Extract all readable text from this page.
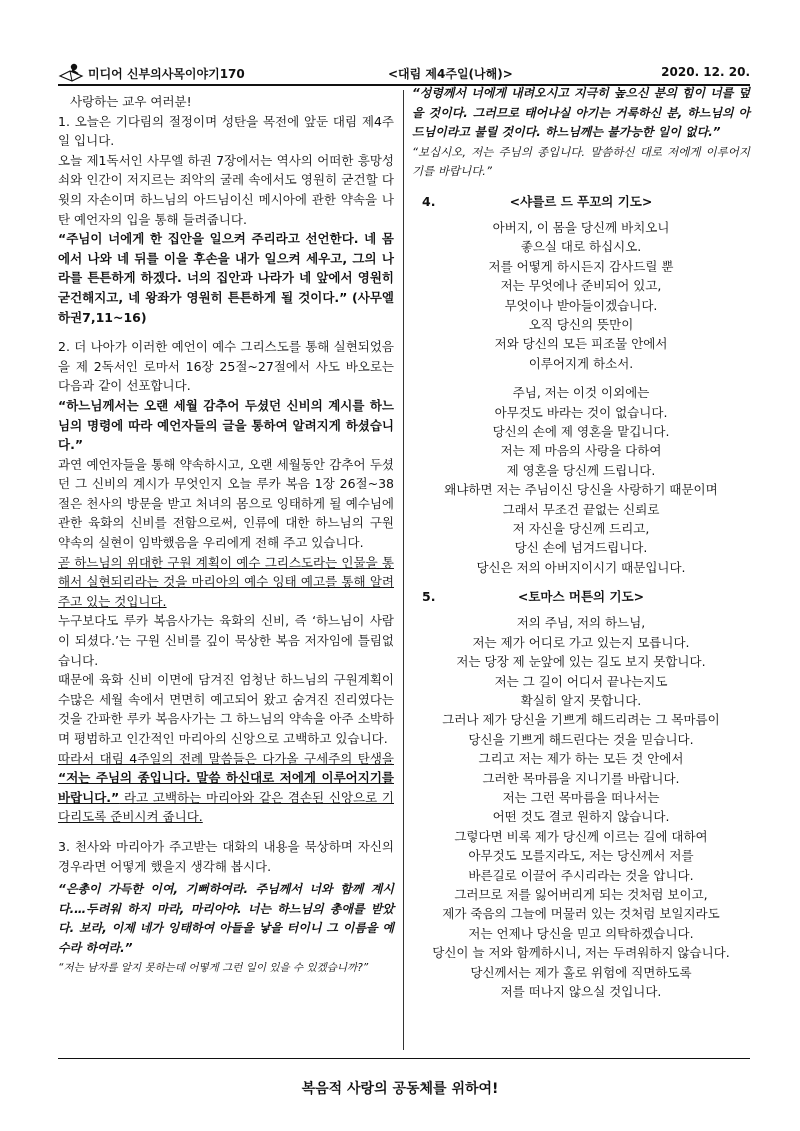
미디어 신부의사목이야기170	<대림 제4주일(나해)>	2020. 12. 20.

사랑하는 교우 여러분!

1. 오늘은 기다림의 절정이며 성탄을 목전에 앞둔 대림 제4주일 입니다.

오늘 제1독서인 사무엘 하권 7장에서는 역사의 어떠한 흥망성쇠와 인간이 저지르는 죄악의 굴레 속에서도 영원히 굳건할 다윗의 자손이며 하느님의 아드님이신 메시아에 관한 약속을 나탄 예언자의 입을 통해 들려줍니다.

“주님이 너에게 한 집안을 일으켜 주리라고 선언한다. 네 몸에서 나와 네 뒤를 이을 후손을 내가 일으켜 세우고, 그의 나라를 튼튼하게 하겠다. 너의 집안과 나라가 네 앞에서 영원히 굳건해지고, 네 왕좌가 영원히 튼튼하게 될 것이다.” (사무엘하권7,11~16)

2. 더 나아가 이러한 예언이 예수 그리스도를 통해 실현되었음을 제 2독서인 로마서 16장 25절~27절에서 사도 바오로는 다음과 같이 선포합니다.

“하느님께서는 오랜 세월 감추어 두셨던 신비의 계시를 하느님의 명령에 따라 예언자들의 글을 통하여 알려지게 하셨습니다.”

과연 예언자들을 통해 약속하시고, 오랜 세월동안 감추어 두셨던 그 신비의 계시가 무엇인지 오늘 루카 복음 1장 26절~38절은 천사의 방문을 받고 처녀의 몸으로 잉태하게 될 예수님에 관한 육화의 신비를 전함으로써, 인류에 대한 하느님의 구원 약속의 실현이 임박했음을 우리에게 전해 주고 있습니다.

곧 하느님의 위대한 구원 계획이 예수 그리스도라는 인물을 통해서 실현되리라는 것을 마리아의 예수 잉태 예고를 통해 알려주고 있는 것입니다.

누구보다도 루카 복음사가는 육화의 신비, 즉 ‘하느님이 사람이 되셨다.’는 구원 신비를 깊이 묵상한 복음 저자임에 틀림없습니다.

때문에 육화 신비 이면에 담겨진 엄청난 하느님의 구원계획이 수많은 세월 속에서 면면히 예고되어 왔고 숨겨진 진리였다는 것을 간파한 루카 복음사가는 그 하느님의 약속을 아주 소박하며 평범하고 인간적인 마리아의 신앙으로 고백하고 있습니다.

따라서 대림 4주일의 전례 말씀들은 다가올 구세주의 탄생을 “저는 주님의 종입니다. 말씀 하신대로 저에게 이루어지기를 바랍니다.” 라고 고백하는 마리아와 같은 겸손된 신앙으로 기다리도록 준비시켜 줍니다.

3. 천사와 마리아가 주고받는 대화의 내용을 묵상하며 자신의 경우라면 어떻게 했을지 생각해 봅시다.

“은총이 가득한 이여, 기뻐하여라. 주님께서 너와 함께 계시다.…두려워 하지 마라, 마리아야. 너는 하느님의 총애를 받았다. 보라, 이제 네가 잉태하여 아들을 낳을 터이니 그 이름을 예수라 하여라.”

“저는 남자를 알지 못하는데 어떻게 그런 일이 있을 수 있겠습니까?”

“성령께서 너에게 내려오시고 지극히 높으신 분의 힘이 너를 덮을 것이다. 그러므로 태어나실 아기는 거룩하신 분, 하느님의 아드님이라고 불릴 것이다. 하느님께는 불가능한 일이 없다.”

“보십시오, 저는 주님의 종입니다. 말씀하신 대로 저에게 이루어지기를 바랍니다.”

4.	<샤를르 드 푸꼬의 기도>
아버지, 이 몸을 당신께 바치오니
좋으실 대로 하십시오.
저를 어떻게 하시든지 감사드릴 뿐
저는 무엇에나 준비되어 있고,
무엇이나 받아들이겠습니다.
오직 당신의 뜻만이
저와 당신의 모든 피조물 안에서
이루어지게 하소서.
주님, 저는 이것 이외에는
아무것도 바라는 것이 없습니다.
당신의 손에 제 영혼을 맡깁니다.
저는 제 마음의 사랑을 다하여
제 영혼을 당신께 드립니다.
왜냐하면 저는 주님이신 당신을 사랑하기 때문이며
그래서 무조건 끝없는 신뢰로
저 자신을 당신께 드리고,
당신 손에 넘겨드립니다.
당신은 저의 아버지이시기 때문입니다.
5.	<토마스 머튼의 기도>
저의 주님, 저의 하느님,
저는 제가 어디로 가고 있는지 모릅니다.
저는 당장 제 눈앞에 있는 길도 보지 못합니다.
저는 그 길이 어디서 끝나는지도
확실히 알지 못합니다.
그러나 제가 당신을 기쁘게 해드리려는 그 목마름이
당신을 기쁘게 해드린다는 것을 믿습니다.
그리고 저는 제가 하는 모든 것 안에서
그러한 목마름을 지니기를 바랍니다.
저는 그런 목마름을 떠나서는
어떤 것도 결코 원하지 않습니다.
그렇다면 비록 제가 당신께 이르는 길에 대하여
아무것도 모를지라도, 저는 당신께서 저를
바른길로 이끌어 주시리라는 것을 압니다.
그러므로 저를 잃어버리게 되는 것처럼 보이고,
제가 죽음의 그늘에 머물러 있는 것처럼 보일지라도
저는 언제나 당신을 믿고 의탁하겠습니다.
당신이 늘 저와 함께하시니, 저는 두려워하지 않습니다.
당신께서는 제가 홀로 위험에 직면하도록
저를 떠나지 않으실 것입니다.
복음적 사랑의 공동체를 위하여!
